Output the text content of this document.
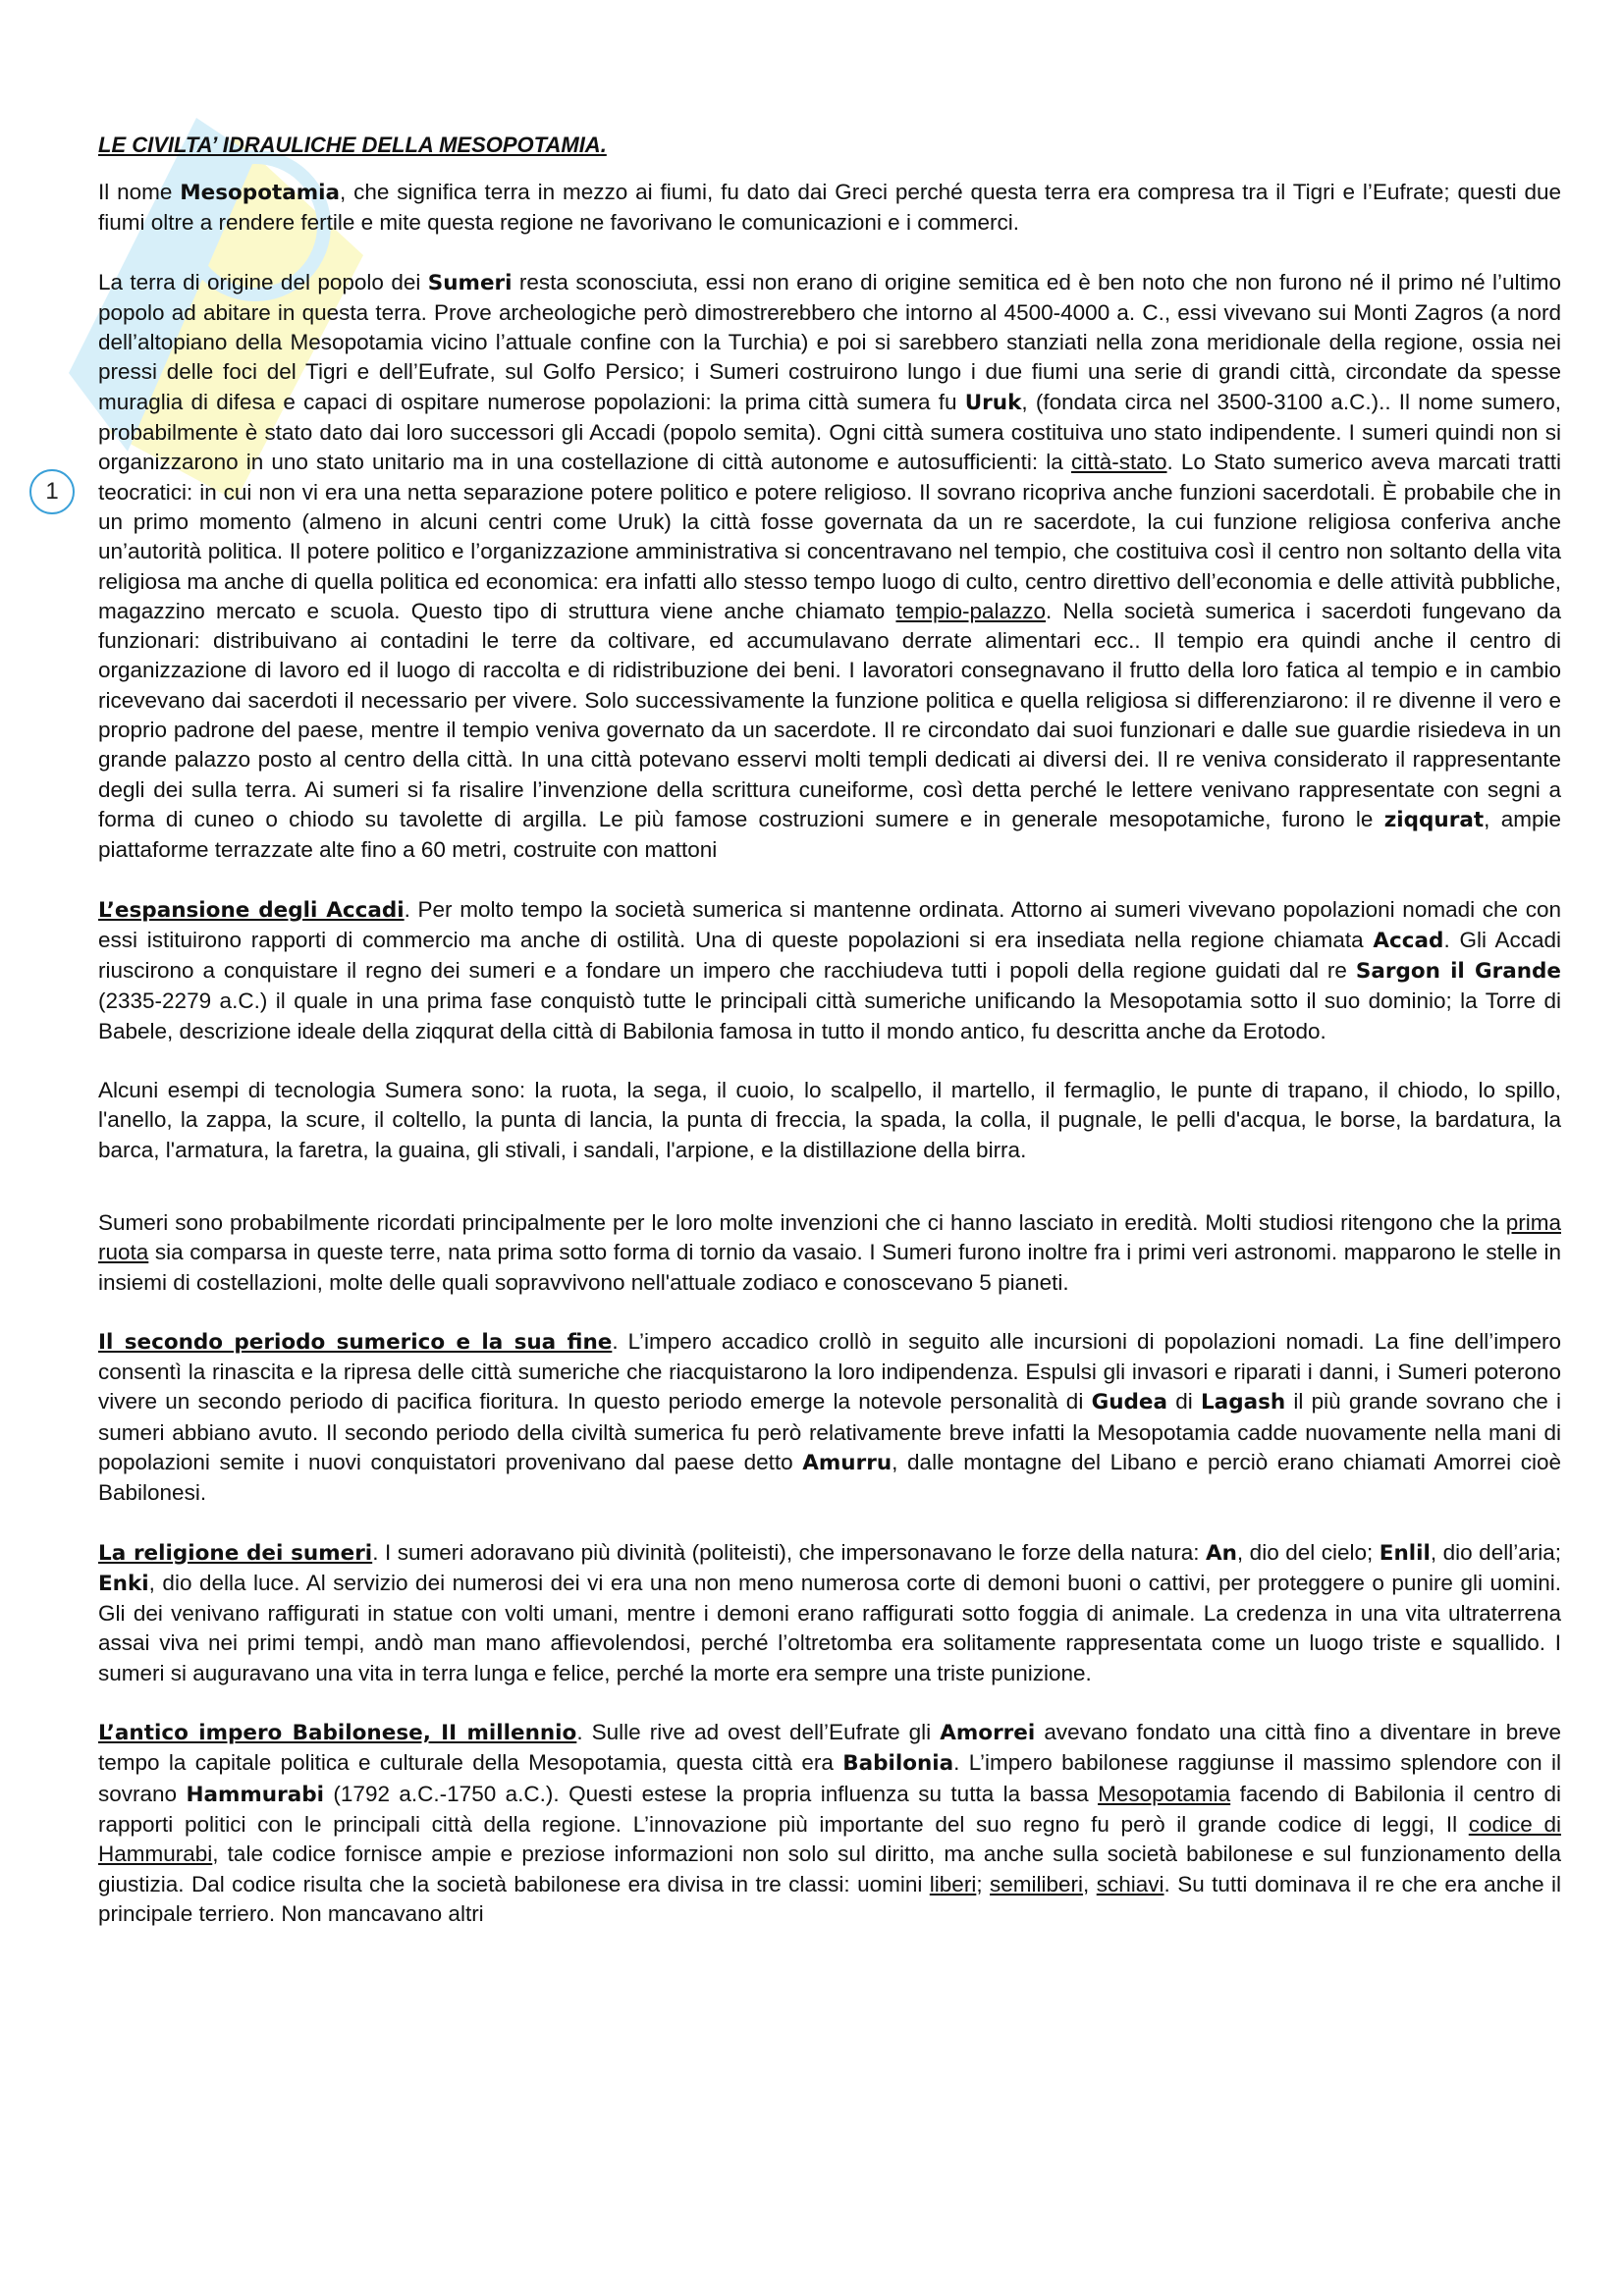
1
LE CIVILTA’ IDRAULICHE DELLA MESOPOTAMIA.

Il nome Mesopotamia, che significa terra in mezzo ai fiumi, fu dato dai Greci perché questa terra era compresa tra il Tigri e l’Eufrate; questi due fiumi oltre a rendere fertile e mite questa regione ne favorivano le comunicazioni e i commerci.

La terra di origine del popolo dei Sumeri resta sconosciuta, essi non erano di origine semitica ed è ben noto che non furono né il primo né l’ultimo popolo ad abitare in questa terra. Prove archeologiche però dimostrerebbero che intorno al 4500-4000 a. C., essi vivevano sui Monti Zagros (a nord dell’altopiano della Mesopotamia vicino l’attuale confine con la Turchia) e poi si sarebbero stanziati nella zona meridionale della regione, ossia nei pressi delle foci del Tigri e dell’Eufrate, sul Golfo Persico; i Sumeri costruirono lungo i due fiumi una serie di grandi città, circondate da spesse muraglia di difesa e capaci di ospitare numerose popolazioni: la prima città sumera fu Uruk, (fondata circa nel 3500-3100 a.C.).. Il nome sumero, probabilmente è stato dato dai loro successori gli Accadi (popolo semita). Ogni città sumera costituiva uno stato indipendente. I sumeri quindi non si organizzarono in uno stato unitario ma in una costellazione di città autonome e autosufficienti: la città-stato. Lo Stato sumerico aveva marcati tratti teocratici: in cui non vi era una netta separazione potere politico e potere religioso. Il sovrano ricopriva anche funzioni sacerdotali. È probabile che in un primo momento (almeno in alcuni centri come Uruk) la città fosse governata da un re sacerdote, la cui funzione religiosa conferiva anche un’autorità politica. Il potere politico e l’organizzazione amministrativa si concentravano nel tempio, che costituiva così il centro non soltanto della vita religiosa ma anche di quella politica ed economica: era infatti allo stesso tempo luogo di culto, centro direttivo dell’economia e delle attività pubbliche, magazzino mercato e scuola. Questo tipo di struttura viene anche chiamato tempio-palazzo. Nella società sumerica i sacerdoti fungevano da funzionari: distribuivano ai contadini le terre da coltivare, ed accumulavano derrate alimentari ecc.. Il tempio era quindi anche il centro di organizzazione di lavoro ed il luogo di raccolta e di ridistribuzione dei beni. I lavoratori consegnavano il frutto della loro fatica al tempio e in cambio ricevevano dai sacerdoti il necessario per vivere. Solo successivamente la funzione politica e quella religiosa si differenziarono: il re divenne il vero e proprio padrone del paese, mentre il tempio veniva governato da un sacerdote. Il re circondato dai suoi funzionari e dalle sue guardie risiedeva in un grande palazzo posto al centro della città. In una città potevano esservi molti templi dedicati ai diversi dei. Il re veniva considerato il rappresentante degli dei sulla terra. Ai sumeri si fa risalire l’invenzione della scrittura cuneiforme, così detta perché le lettere venivano rappresentate con segni a forma di cuneo o chiodo su tavolette di argilla. Le più famose costruzioni sumere e in generale mesopotamiche, furono le ziqqurat, ampie piattaforme terrazzate alte fino a 60 metri, costruite con mattoni

L’espansione degli Accadi. Per molto tempo la società sumerica si mantenne ordinata. Attorno ai sumeri vivevano popolazioni nomadi che con essi istituirono rapporti di commercio ma anche di ostilità. Una di queste popolazioni si era insediata nella regione chiamata Accad. Gli Accadi riuscirono a conquistare il regno dei sumeri e a fondare un impero che racchiudeva tutti i popoli della regione guidati dal re Sargon il Grande (2335-2279 a.C.) il quale in una prima fase conquistò tutte le principali città sumeriche unificando la Mesopotamia sotto il suo dominio; la Torre di Babele, descrizione ideale della ziqqurat della città di Babilonia famosa in tutto il mondo antico, fu descritta anche da Erotodo.

Alcuni esempi di tecnologia Sumera sono: la ruota, la sega, il cuoio, lo scalpello, il martello, il fermaglio, le punte di trapano, il chiodo, lo spillo, l'anello, la zappa, la scure, il coltello, la punta di lancia, la punta di freccia, la spada, la colla, il pugnale, le pelli d'acqua, le borse, la bardatura, la barca, l'armatura, la faretra, la guaina, gli stivali, i sandali, l'arpione, e la distillazione della birra.

Sumeri sono probabilmente ricordati principalmente per le loro molte invenzioni che ci hanno lasciato in eredità. Molti studiosi ritengono che la prima ruota sia comparsa in queste terre, nata prima sotto forma di tornio da vasaio. I Sumeri furono inoltre fra i primi veri astronomi. mapparono le stelle in insiemi di costellazioni, molte delle quali sopravvivono nell'attuale zodiaco e conoscevano 5 pianeti.

Il secondo periodo sumerico e la sua fine. L’impero accadico crollò in seguito alle incursioni di popolazioni nomadi. La fine dell’impero consentì la rinascita e la ripresa delle città sumeriche che riacquistarono la loro indipendenza. Espulsi gli invasori e riparati i danni, i Sumeri poterono vivere un secondo periodo di pacifica fioritura. In questo periodo emerge la notevole personalità di Gudea di Lagash il più grande sovrano che i sumeri abbiano avuto. Il secondo periodo della civiltà sumerica fu però relativamente breve infatti la Mesopotamia cadde nuovamente nella mani di popolazioni semite i nuovi conquistatori provenivano dal paese detto Amurru, dalle montagne del Libano e perciò erano chiamati Amorrei cioè Babilonesi.

La religione dei sumeri. I sumeri adoravano più divinità (politeisti), che impersonavano le forze della natura: An, dio del cielo; Enlil, dio dell’aria; Enki, dio della luce. Al servizio dei numerosi dei vi era una non meno numerosa corte di demoni buoni o cattivi, per proteggere o punire gli uomini. Gli dei venivano raffigurati in statue con volti umani, mentre i demoni erano raffigurati sotto foggia di animale. La credenza in una vita ultraterrena assai viva nei primi tempi, andò man mano affievolendosi, perché l’oltretomba era solitamente rappresentata come un luogo triste e squallido. I sumeri si auguravano una vita in terra lunga e felice, perché la morte era sempre una triste punizione.

L’antico impero Babilonese, II millennio. Sulle rive ad ovest dell’Eufrate gli Amorrei avevano fondato una città fino a diventare in breve tempo la capitale politica e culturale della Mesopotamia, questa città era Babilonia. L’impero babilonese raggiunse il massimo splendore con il sovrano Hammurabi (1792 a.C.-1750 a.C.). Questi estese la propria influenza su tutta la bassa Mesopotamia facendo di Babilonia il centro di rapporti politici con le principali città della regione. L’innovazione più importante del suo regno fu però il grande codice di leggi, Il codice di Hammurabi, tale codice fornisce ampie e preziose informazioni non solo sul diritto, ma anche sulla società babilonese e sul funzionamento della giustizia. Dal codice risulta che la società babilonese era divisa in tre classi: uomini liberi; semiliberi, schiavi. Su tutti dominava il re che era anche il principale terriero. Non mancavano altri
